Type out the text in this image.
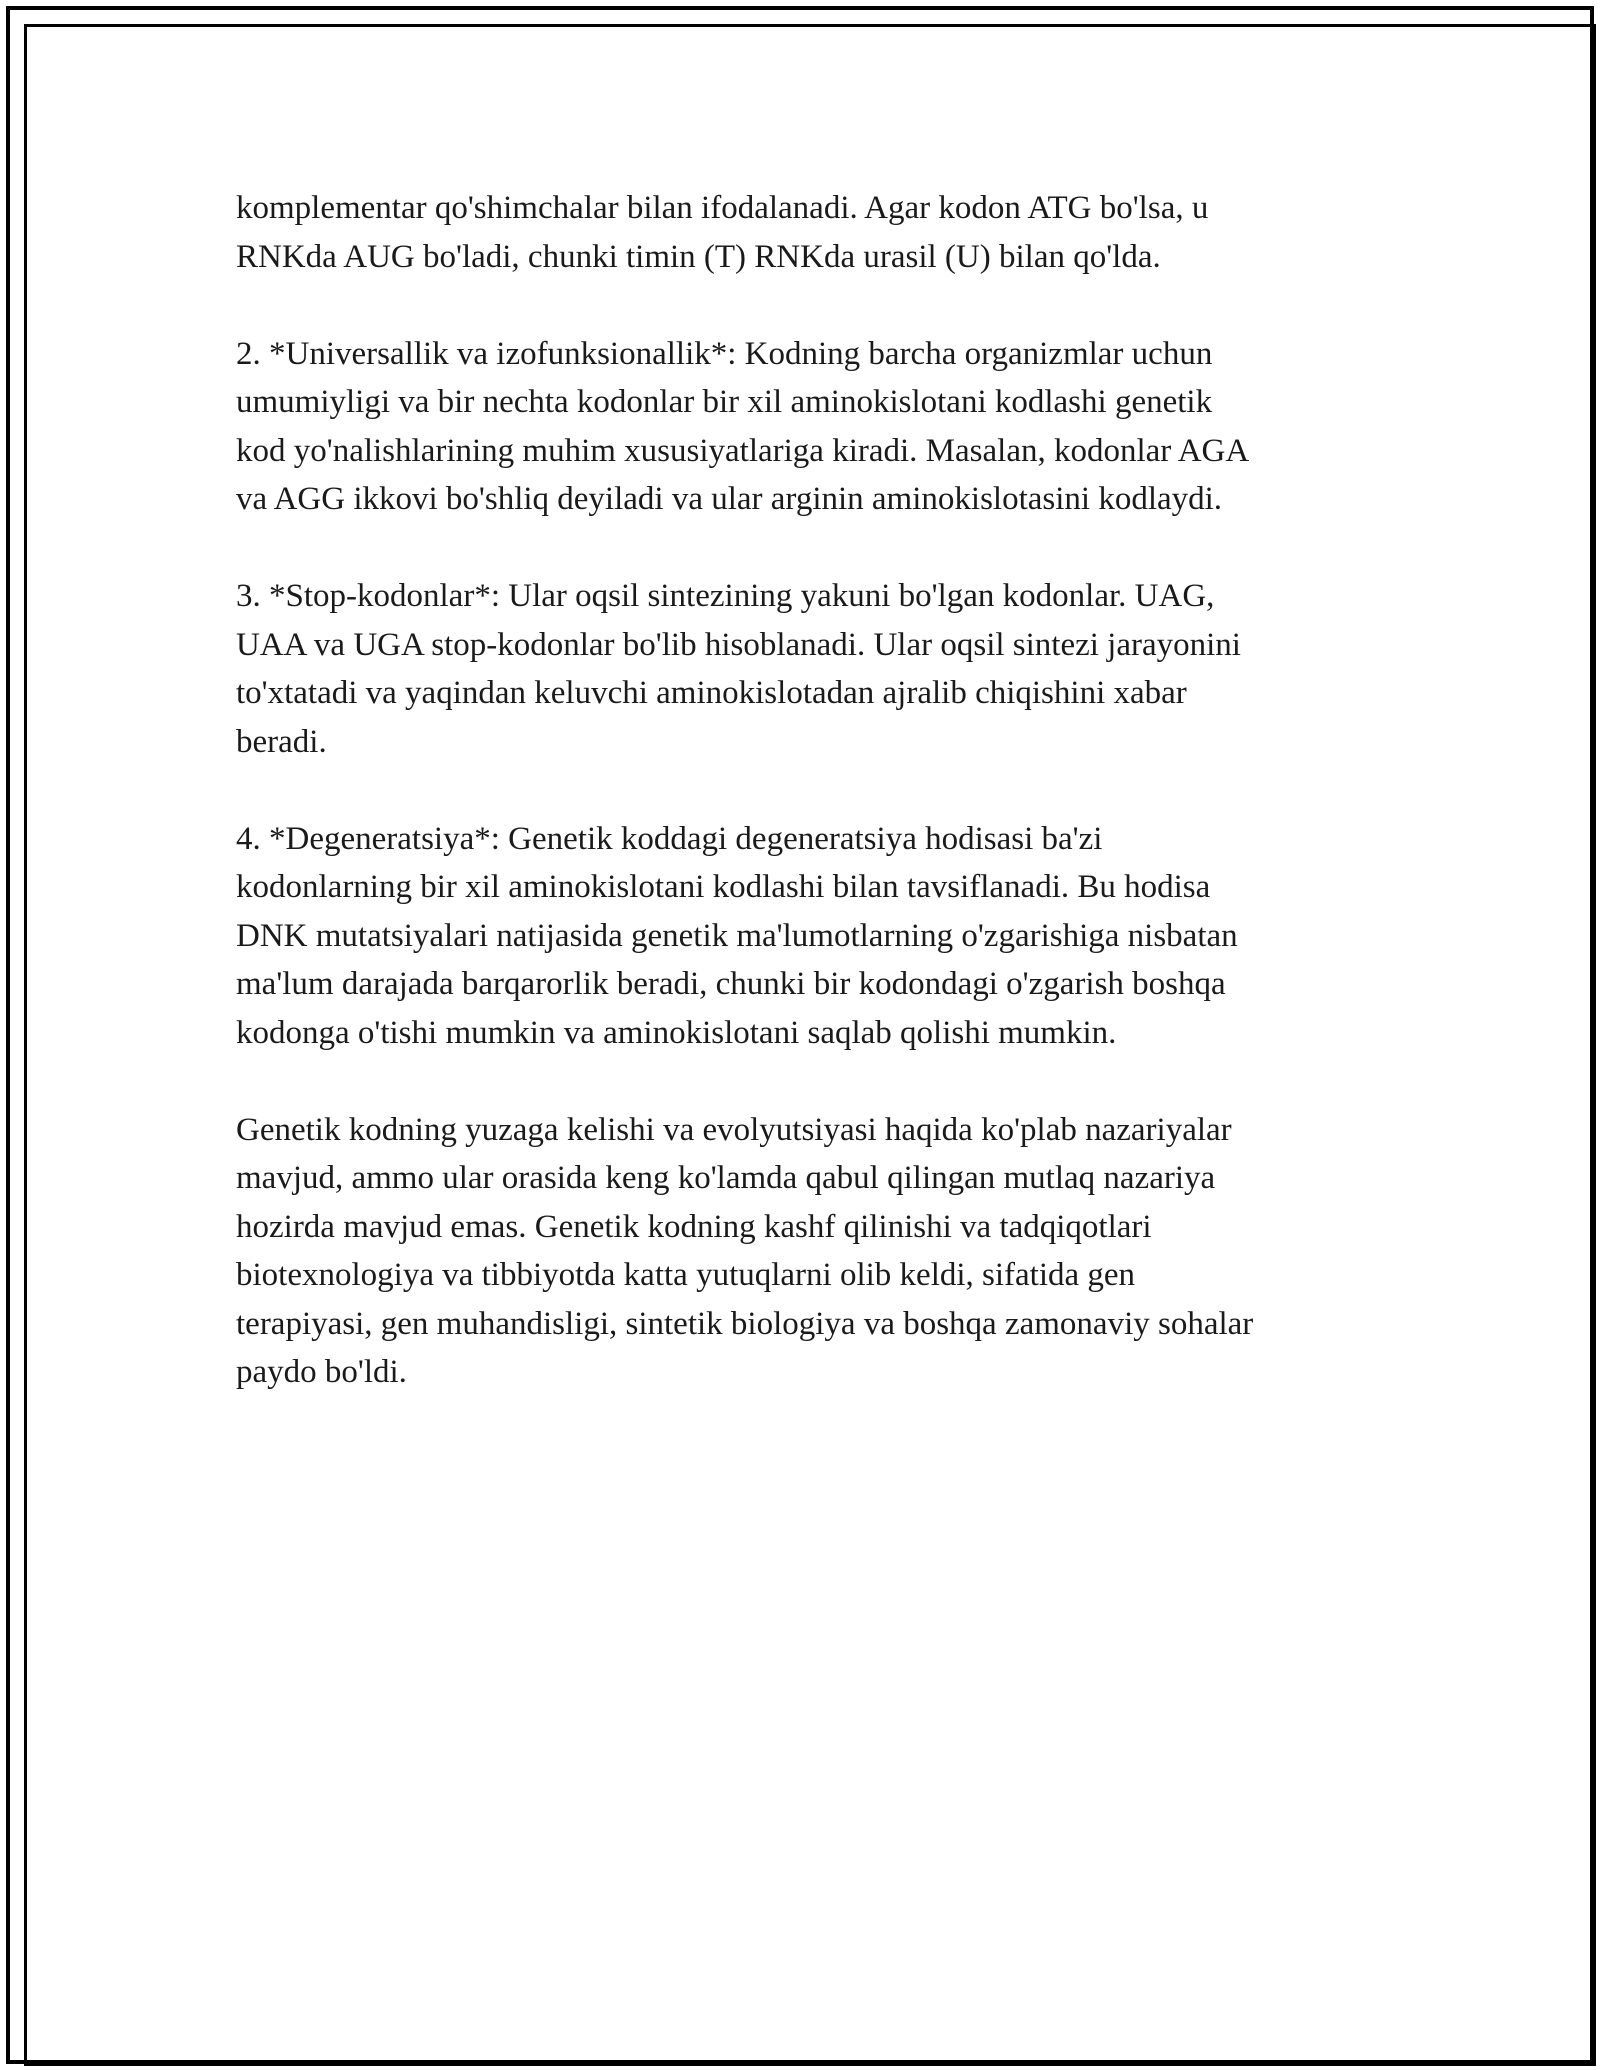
komplementar qo'shimchalar bilan ifodalanadi. Agar kodon ATG bo'lsa, u
RNKda AUG bo'ladi, chunki timin (T) RNKda urasil (U) bilan qo'lda.

2. *Universallik va izofunksionallik*: Kodning barcha organizmlar uchun
umumiyligi va bir nechta kodonlar bir xil aminokislotani kodlashi genetik
kod yo'nalishlarining muhim xususiyatlariga kiradi. Masalan, kodonlar AGA
va AGG ikkovi bo'shliq deyiladi va ular arginin aminokislotasini kodlaydi.

3. *Stop-kodonlar*: Ular oqsil sintezining yakuni bo'lgan kodonlar. UAG,
UAA va UGA stop-kodonlar bo'lib hisoblanadi. Ular oqsil sintezi jarayonini
to'xtatadi va yaqindan keluvchi aminokislotadan ajralib chiqishini xabar
beradi.

4. *Degeneratsiya*: Genetik koddagi degeneratsiya hodisasi ba'zi
kodonlarning bir xil aminokislotani kodlashi bilan tavsiflanadi. Bu hodisa
DNK mutatsiyalari natijasida genetik ma'lumotlarning o'zgarishiga nisbatan
ma'lum darajada barqarorlik beradi, chunki bir kodondagi o'zgarish boshqa
kodonga o'tishi mumkin va aminokislotani saqlab qolishi mumkin.

Genetik kodning yuzaga kelishi va evolyutsiyasi haqida ko'plab nazariyalar
mavjud, ammo ular orasida keng ko'lamda qabul qilingan mutlaq nazariya
hozirda mavjud emas. Genetik kodning kashf qilinishi va tadqiqotlari
biotexnologiya va tibbiyotda katta yutuqlarni olib keldi, sifatida gen
terapiyasi, gen muhandisligi, sintetik biologiya va boshqa zamonaviy sohalar
paydo bo'ldi.
